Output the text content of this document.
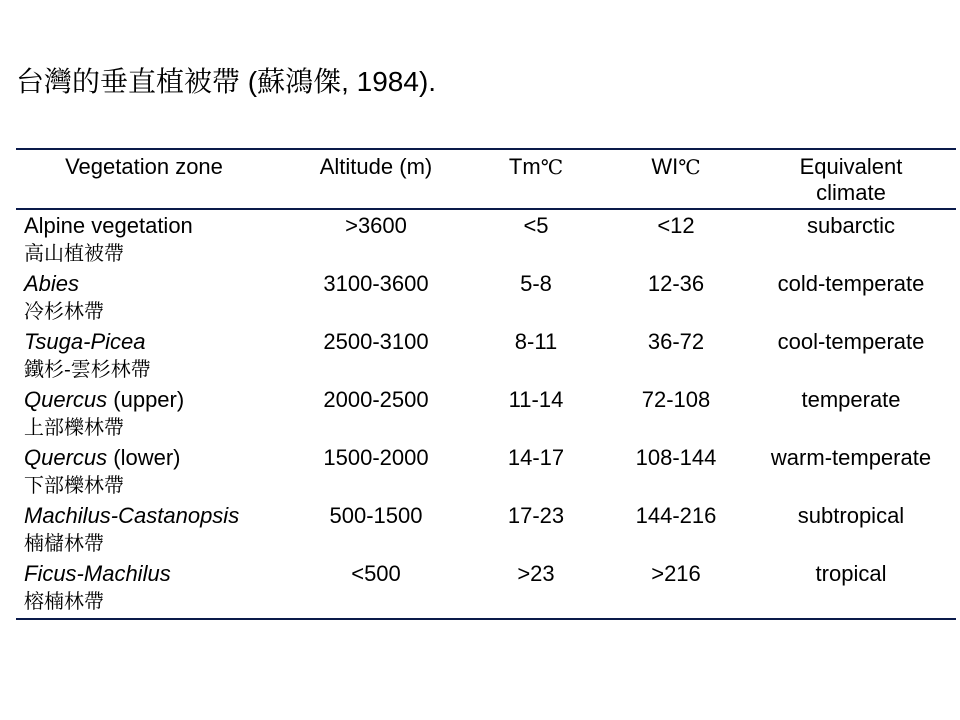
台灣的垂直植被帶 (蘇鴻傑, 1984).
Vegetation zone	Altitude (m)	Tm℃	WI℃	Equivalent climate

Alpine vegetation
高山植被帶	>3600	<5	<12	subarctic

Abies
冷杉林帶	3100-3600	5-8	12-36	cold-temperate

Tsuga-Picea
鐵杉-雲杉林帶	2500-3100	8-11	36-72	cool-temperate

Quercus (upper)
上部櫟林帶	2000-2500	11-14	72-108	temperate

Quercus (lower)
下部櫟林帶	1500-2000	14-17	108-144	warm-temperate

Machilus-Castanopsis
楠櫧林帶	500-1500	17-23	144-216	subtropical

Ficus-Machilus
榕楠林帶	<500	>23	>216	tropical
